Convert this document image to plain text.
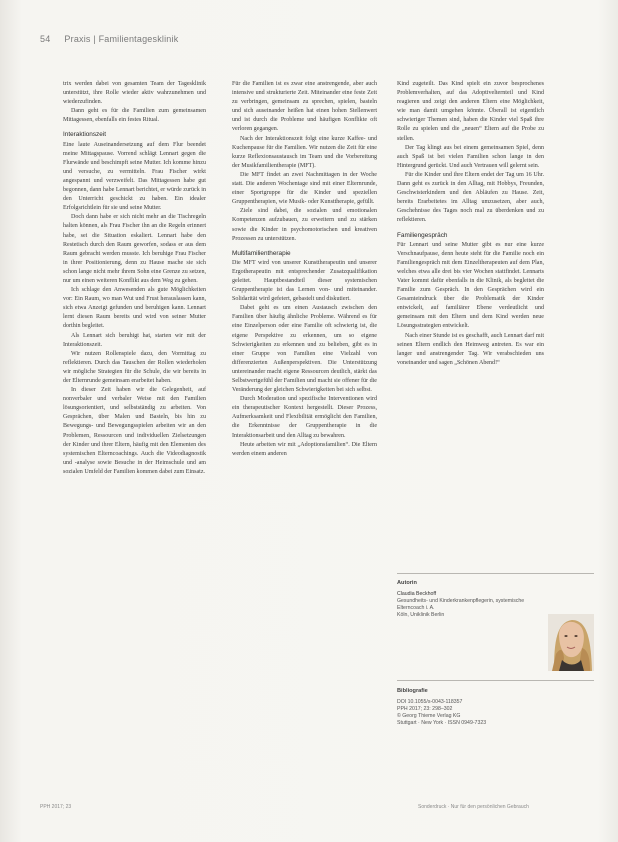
54 Praxis | Familientagesklinik

trix werden dabei von gesamten Team der Tagesklinik unterstützt, ihre Rolle wieder aktiv wahrzunehmen und wiederzufinden.

Dann geht es für die Familien zum gemeinsamen Mittagessen, ebenfalls ein festes Ritual.

Interaktionszeit

Eine laute Auseinandersetzung auf dem Flur beendet meine Mittagspause. Vorrend schlägt Lennart gegen die Flurwände und beschimpft seine Mutter. Ich komme hinzu und versuche, zu vermitteln. Frau Fischer wirkt angespannt und verzweifelt. Das Mittagessen habe gut begonnen, dann habe Lennart berichtet, er würde zurück in den Unterricht geschickt zu haben. Ein idealer Erfolgsrichtlein für sie und seine Mutter.

Doch dann habe er sich nicht mehr an die Tischregeln halten können, als Frau Fischer ihn an die Regeln erinnert habe, sei die Situation eskaliert. Lennart habe den Restetisch durch den Raum geworfen, sodass er aus dem Raum gebracht werden musste. Ich beruhige Frau Fischer in ihrer Positionierung, denn zu Hause mache sie sich schon lange nicht mehr ihrem Sohn eine Grenze zu setzen, nur um einen weiteren Konflikt aus dem Weg zu gehen.

Ich schlage den Anwesenden als gute Möglichkeiten vor: Ein Raum, wo man Wut und Frust herauslassen kann, sich etwa Anzeigt gefunden und beruhigen kann. Lennart lernt diesen Raum bereits und wird von seiner Mutter dorthin begleitet.

Als Lennart sich beruhigt hat, starten wir mit der Interaktionszeit.

Wir nutzen Rollenspiele dazu, den Vormittag zu reflektieren. Durch das Tauschen der Rollen wiederholen wir mögliche Strategien für die Schule, die wir bereits in der Elternrunde gemeinsam erarbeitet haben.

In dieser Zeit haben wir die Gelegenheit, auf nonverbaler und verbaler Weise mit den Familien lösungsorientiert, und selbstständig zu arbeiten. Von Gesprächen, über Malen und Basteln, bis hin zu Bewegungs- und Bewegungsspielen arbeiten wir an den Problemen, Ressourcen und individuellen Zielsetzungen der Kinder und ihrer Eltern, häufig mit den Elementen des systemischen Elterncoachings. Auch die Videodiagnostik und -analyse sowie Besuche in der Heimschule und am sozialen Umfeld der Familien kommen dabei zum Einsatz.

Für die Familien ist es zwar eine anstrengende, aber auch intensive und strukturierte Zeit. Miteinander eine feste Zeit zu verbringen, gemeinsam zu sprechen, spielen, basteln und sich auseinander heißen hat einen hohen Stellenwert und ist durch die Probleme und häufigen Konflikte oft verloren gegangen.

Nach der Interaktionszeit folgt eine kurze Kaffee- und Kuchenpause für die Familien. Wir nutzen die Zeit für eine kurze Reflexionsaustausch im Team und die Vorbereitung der Musikfamilientherapie (MFT).

Die MFT findet an zwei Nachmittagen in der Woche statt. Die anderen Wochentage sind mit einer Elternrunde, einer Sportgruppe für die Kinder und speziellen Gruppentherapien, wie Musik- oder Kunsttherapie, gefüllt.

Ziele sind dabei, die sozialen und emotionalen Kompetenzen aufzubauen, zu erweitern und zu stärken sowie die Kinder in psychomotorischen und kreativen Prozessen zu unterstützen.

Multifamilientherapie

Die MFT wird von unserer Kunsttherapeutin und unserer Ergotherapeutin mit entsprechender Zusatzqualifikation geleitet. Hauptbestandteil dieser systemischen Gruppentherapie ist das Lernen von- und miteinander. Solidarität wird gefeiert, gebastelt und diskutiert.

Dabei geht es um einen Austausch zwischen den Familien über häufig ähnliche Probleme. Während es für eine Einzelperson oder eine Familie oft schwierig ist, die eigene Perspektive zu erkennen, um so eigene Schwierigkeiten zu erkennen und zu belieben, gibt es in einer Gruppe von Familien eine Vielzahl von differenzierten Außenperspektiven. Die Unterstützung untereinander macht eigene Ressourcen deutlich, stärkt das Selbstwertgefühl der Familien und macht sie offener für die Veränderung der gleichen Schwierigkeiten bei sich selbst.

Durch Moderation und spezifische Interventionen wird ein therapeutischer Kontext hergestellt. Dieser Prozess, Aufmerksamkeit und Flexibilität ermöglicht den Familien, die Erkenntnisse der Gruppentherapie in die Interaktionsarbeit und den Alltag zu bewahren.

Heute arbeiten wir mit „Adoptionsfamilien“. Die Eltern werden einem anderen

Kind zugeteilt. Das Kind spielt ein zuvor besprochenes Problemverhalten, auf das Adoptivelternteil und Kind reagieren und zeigt den anderen Eltern eine Möglichkeit, wie man damit umgehen könnte. Überall ist eigentlich schwieriger Themen sind, haben die Kinder viel Spaß ihre Rolle zu spielen und die „neuen“ Eltern auf die Probe zu stellen.

Der Tag klingt aus bei einem gemeinsamen Spiel, denn auch Spaß ist bei vielen Familien schon lange in den Hintergrund gerückt. Und auch Vertrauen will gelernt sein.

Für die Kinder und ihre Eltern endet der Tag um 16 Uhr. Dann geht es zurück in den Alltag, mit Hobbys, Freunden, Geschwisterkindern und den Abläufen zu Hause. Zeit, bereits Erarbeitetes im Alltag umzusetzen, aber auch, Geschehnisse des Tages noch mal zu überdenken und zu reflektieren.

Familiengespräch

Für Lennart und seine Mutter gibt es nur eine kurze Verschnaufpause, denn heute steht für die Familie noch ein Familiengespräch mit dem Einzeltherapeuten auf dem Plan, welches etwa alle drei bis vier Wochen stattfindet. Lennarts Vater kommt dafür ebenfalls in die Klinik, als begleitet die Familie zum Gespräch. In den Gesprächen wird ein Gesamteindruck über die Problematik der Kinder entwickelt, auf familiärer Ebene verdeutlicht und gemeinsam mit den Eltern und dem Kind werden neue Lösungsstrategien entwickelt.

Nach einer Stunde ist es geschafft, auch Lennart darf mit seinen Eltern endlich den Heimweg antreten. Es war ein langer und anstrengender Tag. Wir verabschieden uns voneinander und sagen „Schönen Abend!“

Autorin
Claudia Beckhoff
Gesundheits- und Kinderkrankenpflegerin, systemische Elterncoach i. A.
Köln, Uniklinik Berlin
Bibliografie
DOI 10.1055/s-0043-118357
PPH 2017; 23: 298–302
© Georg Thieme Verlag KG
Stuttgart · New York · ISSN 0949-7323
PPH 2017; 23	Sonderdruck · Nur für den persönlichen Gebrauch
